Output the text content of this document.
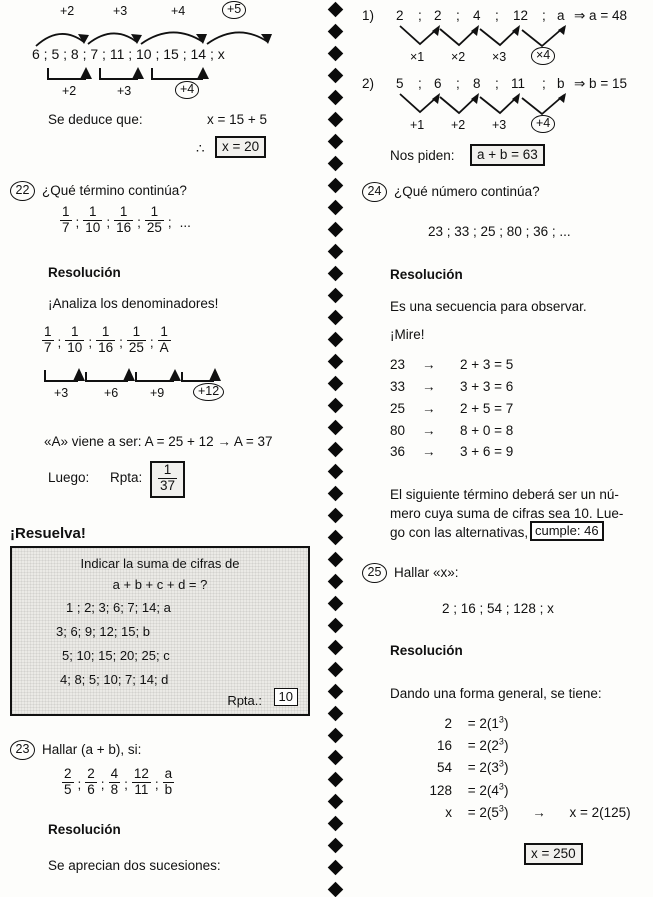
+2	+3	+4	+5
6 ; 5 ; 8 ; 7 ; 11 ; 10 ; 15 ; 14 ; x
+2	+3	+4
Se deduce que:	x = 15 + 5
∴	x = 20
22 ¿Qué término continúa?
$\frac{1}{7}$ ; $\frac{1}{10}$ ; $\frac{1}{16}$ ; $\frac{1}{25}$ ; ...
Resolución
¡Analiza los denominadores!
$\frac{1}{7}$ ; $\frac{1}{10}$ ; $\frac{1}{16}$ ; $\frac{1}{25}$ ; $\frac{1}{A}$
+3	+6	+9	+12
«A» viene a ser: A = 25 + 12 → A = 37
Luego: Rpta: $\frac{1}{37}$
¡Resuelva!
Indicar la suma de cifras de
a + b + c + d = ?
1 ; 2; 3; 6; 7; 14; a
3; 6; 9; 12; 15; b
5; 10; 15; 20; 25; c
4; 8; 5; 10; 7; 14; d
Rpta.:	10
23 Hallar (a + b), si:
$\frac{2}{5}$ ; $\frac{2}{6}$ ; $\frac{4}{8}$ ; $\frac{12}{11}$ ; $\frac{a}{b}$
Resolución
Se aprecian dos sucesiones:
1) 2 ; 2 ; 4 ; 12 ; a ⇒ a = 48
×1 ×2 ×3	×4
2) 5 ; 6 ; 8 ; 11 ; b ⇒ b = 15
+1 +2 +3	+4
Nos piden:	a + b = 63
24 ¿Qué número continúa?
23 ; 33 ; 25 ; 80 ; 36 ; ...
Resolución
Es una secuencia para observar.
¡Mire!
23 → 2 + 3 = 5
33 → 3 + 3 = 6
25 → 2 + 5 = 7
80 → 8 + 0 = 8
36 → 3 + 6 = 9
El siguiente término deberá ser un nú-
mero cuya suma de cifras sea 10. Lue-
go con las alternativas, cumple: 46
25 Hallar «x»:
2 ; 16 ; 54 ; 128 ; x
Resolución
Dando una forma general, se tiene:
$2 = 2(1^3)$
$16 = 2(2^3)$
$54 = 2(3^3)$
$128 = 2(4^3)$
$x = 2(5^3) \to x = 2(125)$
x = 250
